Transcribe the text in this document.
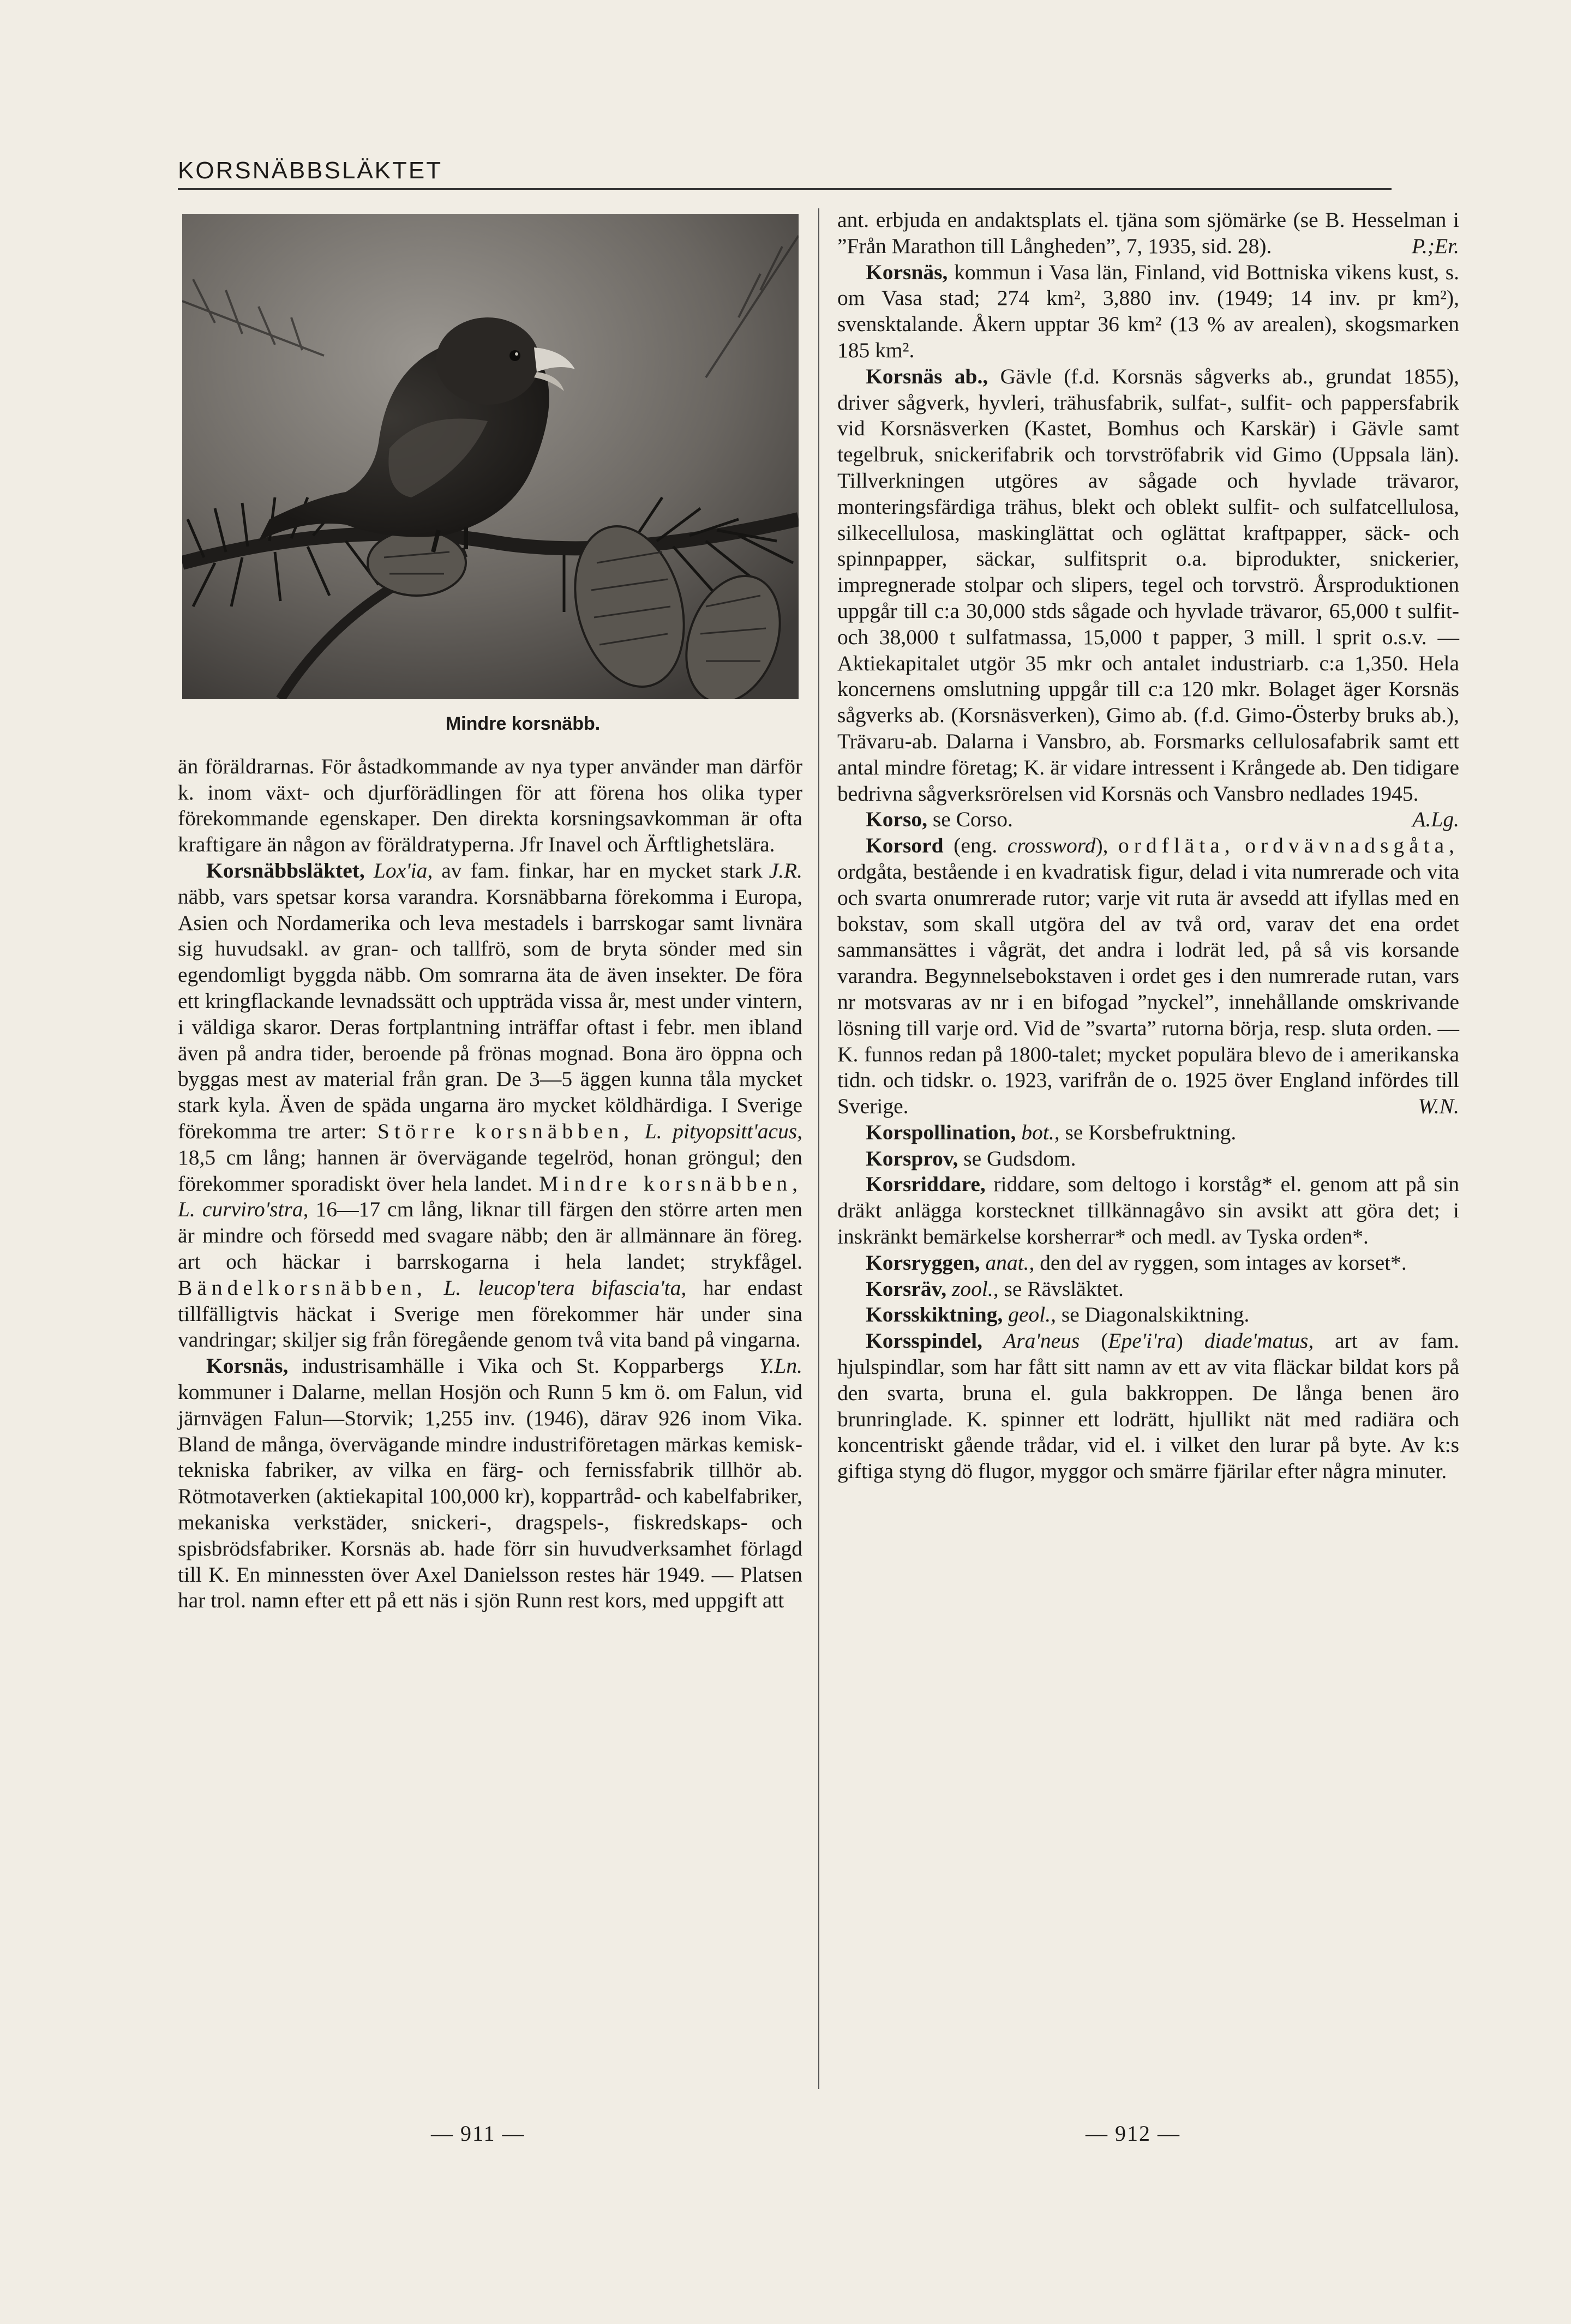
KORSNÄBBSLÄKTET
Mindre korsnäbb.

än föräldrarnas. För åstadkommande av nya typer använder man därför k. inom växt- och djurförädlingen för att förena hos olika typer förekommande egenskaper. Den direkta korsningsavkomman är ofta kraftigare än någon av föräldratyperna. Jfr Inavel och Ärftlighetslära.
J.R.

Korsnäbbsläktet, Lox'ia, av fam. finkar, har en mycket stark näbb, vars spetsar korsa varandra. Korsnäbbarna förekomma i Europa, Asien och Nordamerika och leva mestadels i barrskogar samt livnära sig huvudsakl. av gran- och tallfrö, som de bryta sönder med sin egendomligt byggda näbb. Om somrarna äta de även insekter. De föra ett kringflackande levnadssätt och uppträda vissa år, mest under vintern, i väldiga skaror. Deras fortplantning inträffar oftast i febr. men ibland även på andra tider, beroende på frönas mognad. Bona äro öppna och byggas mest av material från gran. De 3—5 äggen kunna tåla mycket stark kyla. Även de späda ungarna äro mycket köldhärdiga. I Sverige förekomma tre arter: Större korsnäbben, L. pityopsitt'acus, 18,5 cm lång; hannen är övervägande tegelröd, honan gröngul; den förekommer sporadiskt över hela landet. Mindre korsnäbben, L. curviro'stra, 16—17 cm lång, liknar till färgen den större arten men är mindre och försedd med svagare näbb; den är allmännare än föreg. art och häckar i barrskogarna i hela landet; strykfågel. Bändelkorsnäbben, L. leucop'tera bifascia'ta, har endast tillfälligtvis häckat i Sverige men förekommer här under sina vandringar; skiljer sig från föregående genom två vita band på vingarna.
Y.Ln.

Korsnäs, industrisamhälle i Vika och St. Kopparbergs kommuner i Dalarne, mellan Hosjön och Runn 5 km ö. om Falun, vid järnvägen Falun—Storvik; 1,255 inv. (1946), därav 926 inom Vika. Bland de många, övervägande mindre industriföretagen märkas kemisk-tekniska fabriker, av vilka en färg- och fernissfabrik tillhör ab. Rötmotaverken (aktiekapital 100,000 kr), koppartråd- och kabelfabriker, mekaniska verkstäder, snickeri-, dragspels-, fiskredskaps- och spisbrödsfabriker. Korsnäs ab. hade förr sin huvudverksamhet förlagd till K. En minnessten över Axel Danielsson restes här 1949. — Platsen har trol. namn efter ett på ett näs i sjön Runn rest kors, med uppgift att

ant. erbjuda en andaktsplats el. tjäna som sjömärke (se B. Hesselman i ”Från Marathon till Långheden”, 7, 1935, sid. 28).	P.;Er.

Korsnäs, kommun i Vasa län, Finland, vid Bottniska vikens kust, s. om Vasa stad; 274 km², 3,880 inv. (1949; 14 inv. pr km²), svensktalande. Åkern upptar 36 km² (13 % av arealen), skogsmarken 185 km².

Korsnäs ab., Gävle (f.d. Korsnäs sågverks ab., grundat 1855), driver sågverk, hyvleri, trähusfabrik, sulfat-, sulfit- och pappersfabrik vid Korsnäsverken (Kastet, Bomhus och Karskär) i Gävle samt tegelbruk, snickerifabrik och torvströfabrik vid Gimo (Uppsala län). Tillverkningen utgöres av sågade och hyvlade trävaror, monteringsfärdiga trähus, blekt och oblekt sulfit- och sulfatcellulosa, silkecellulosa, maskinglättat och oglättat kraftpapper, säck- och spinnpapper, säckar, sulfitsprit o.a. biprodukter, snickerier, impregnerade stolpar och slipers, tegel och torvströ. Årsproduktionen uppgår till c:a 30,000 stds sågade och hyvlade trävaror, 65,000 t sulfit- och 38,000 t sulfatmassa, 15,000 t papper, 3 mill. l sprit o.s.v. — Aktiekapitalet utgör 35 mkr och antalet industriarb. c:a 1,350. Hela koncernens omslutning uppgår till c:a 120 mkr. Bolaget äger Korsnäs sågverks ab. (Korsnäsverken), Gimo ab. (f.d. Gimo-Österby bruks ab.), Trävaru-ab. Dalarna i Vansbro, ab. Forsmarks cellulosafabrik samt ett antal mindre företag; K. är vidare intressent i Krångede ab. Den tidigare bedrivna sågverksrörelsen vid Korsnäs och Vansbro nedlades 1945.
A.Lg.

Korso, se Corso.

Korsord (eng. crossword), ordfläta, ordvävnadsgåta, ordgåta, bestående i en kvadratisk figur, delad i vita numrerade och vita och svarta onumrerade rutor; varje vit ruta är avsedd att ifyllas med en bokstav, som skall utgöra del av två ord, varav det ena ordet sammansättes i vågrät, det andra i lodrät led, på så vis korsande varandra. Begynnelsebokstaven i ordet ges i den numrerade rutan, vars nr motsvaras av nr i en bifogad ”nyckel”, innehållande omskrivande lösning till varje ord. Vid de ”svarta” rutorna börja, resp. sluta orden. — K. funnos redan på 1800-talet; mycket populära blevo de i amerikanska tidn. och tidskr. o. 1923, varifrån de o. 1925 över England infördes till Sverige.	W.N.

Korspollination, bot., se Korsbefruktning.

Korsprov, se Gudsdom.

Korsriddare, riddare, som deltogo i korståg* el. genom att på sin dräkt anlägga korstecknet tillkännagåvo sin avsikt att göra det; i inskränkt bemärkelse korsherrar* och medl. av Tyska orden*.

Korsryggen, anat., den del av ryggen, som intages av korset*.

Korsräv, zool., se Rävsläktet.

Korsskiktning, geol., se Diagonalskiktning.

Korsspindel, Ara'neus (Epe'i'ra) diade'matus, art av fam. hjulspindlar, som har fått sitt namn av ett av vita fläckar bildat kors på den svarta, bruna el. gula bakkroppen. De långa benen äro brunringlade. K. spinner ett lodrätt, hjullikt nät med radiära och koncentriskt gående trådar, vid el. i vilket den lurar på byte. Av k:s giftiga styng dö flugor, myggor och smärre fjärilar efter några minuter.

— 911 —	— 912 —
